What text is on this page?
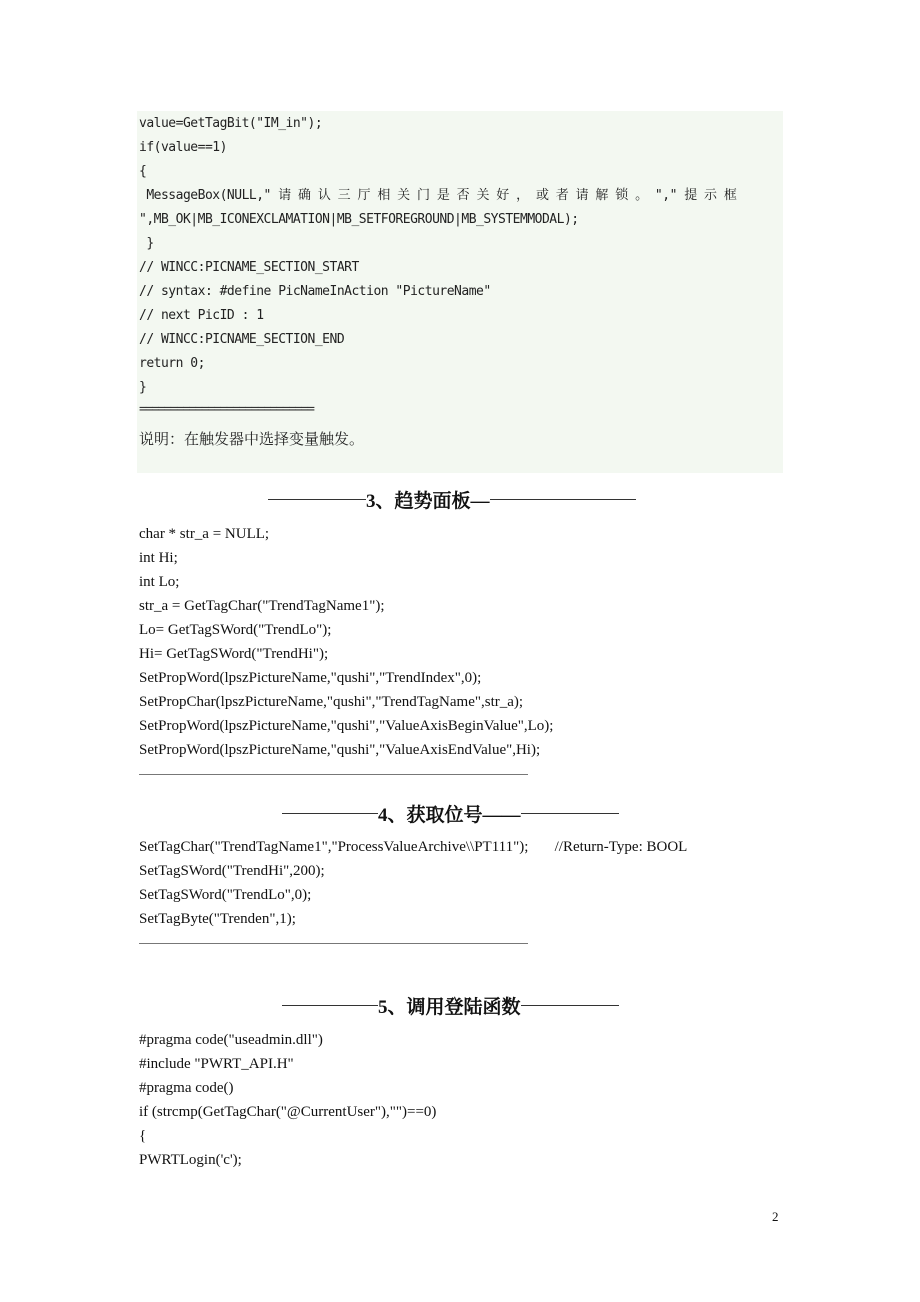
value=GetTagBit("IM_in");
if(value==1)
{
MessageBox(NULL," 请 确 认 三 厅 相 关 门 是 否 关 好 ， 或 者 请 解 锁 。 "," 提 示 框
",MB_OK|MB_ICONEXCLAMATION|MB_SETFOREGROUND|MB_SYSTEMMODAL);
}
// WINCC:PICNAME_SECTION_START
// syntax: #define PicNameInAction "PictureName"
// next PicID : 1
// WINCC:PICNAME_SECTION_END
return 0;
}
============================
说明：在触发器中选择变量触发。
3、趋势面板—
char * str_a = NULL;
int Hi;
int Lo;
str_a = GetTagChar("TrendTagName1");
Lo= GetTagSWord("TrendLo");
Hi= GetTagSWord("TrendHi");
SetPropWord(lpszPictureName,"qushi","TrendIndex",0);
SetPropChar(lpszPictureName,"qushi","TrendTagName",str_a);
SetPropWord(lpszPictureName,"qushi","ValueAxisBeginValue",Lo);
SetPropWord(lpszPictureName,"qushi","ValueAxisEndValue",Hi);
4、获取位号——
SetTagChar("TrendTagName1","ProcessValueArchive\\PT111");       //Return-Type: BOOL
SetTagSWord("TrendHi",200);
SetTagSWord("TrendLo",0);
SetTagByte("Trenden",1);
5、调用登陆函数
#pragma code("useadmin.dll")
#include "PWRT_API.H"
#pragma code()
if (strcmp(GetTagChar("@CurrentUser"),"")==0)
{
PWRTLogin('c');
2
